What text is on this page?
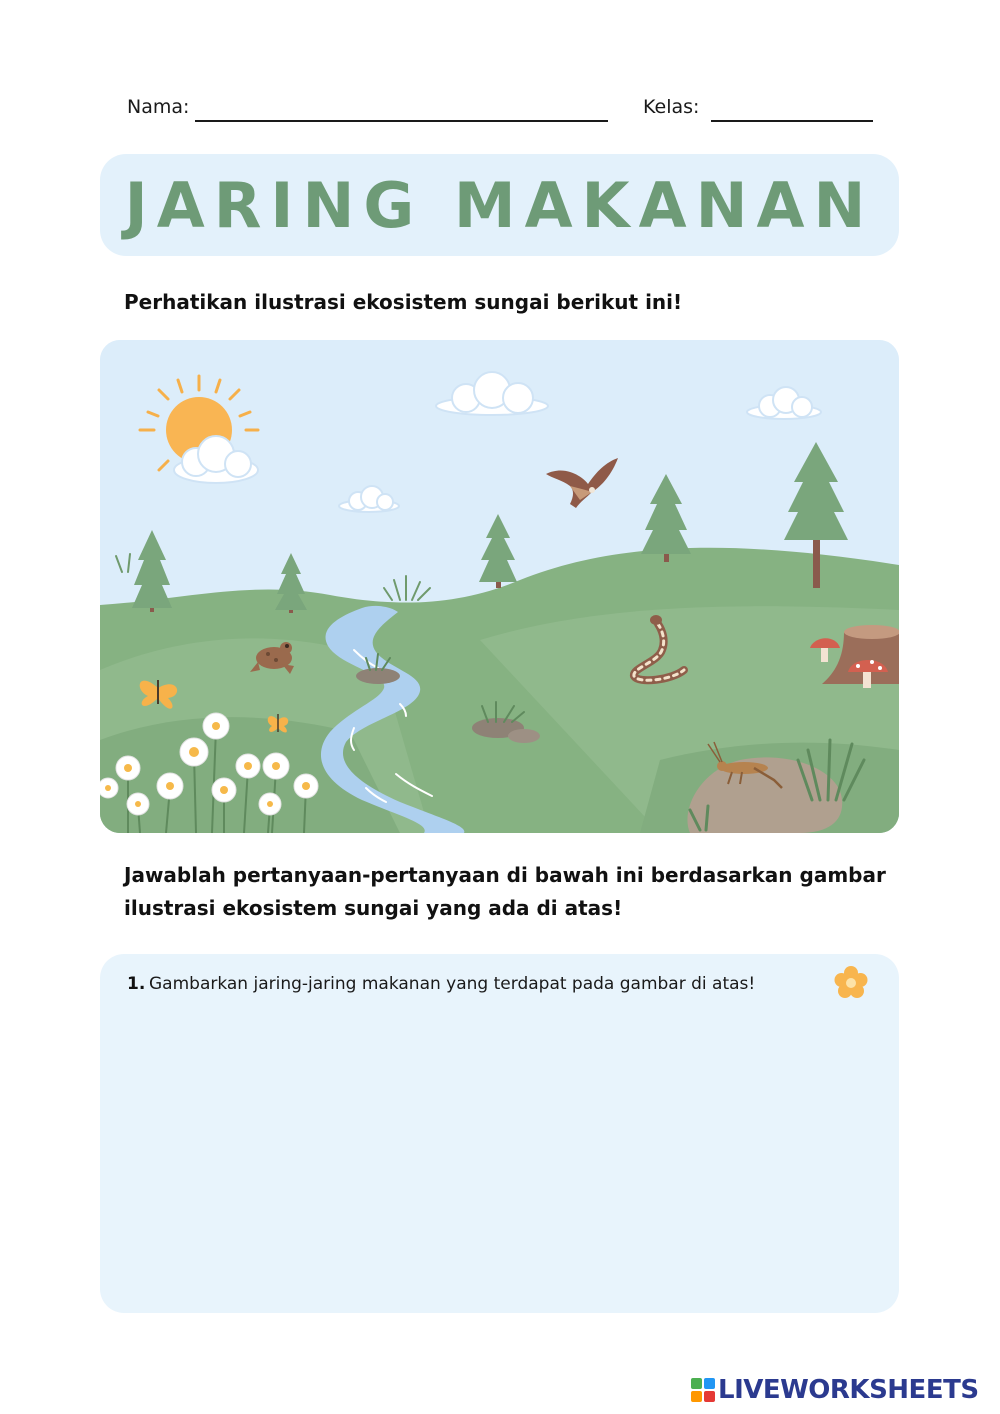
Nama:	Kelas:
JARING MAKANAN
Perhatikan ilustrasi ekosistem sungai berikut ini!
Jawablah pertanyaan-pertanyaan di bawah ini berdasarkan gambar
ilustrasi ekosistem sungai yang ada di atas!
1. Gambarkan jaring-jaring makanan yang terdapat pada gambar di atas!
LIVEWORKSHEETS
